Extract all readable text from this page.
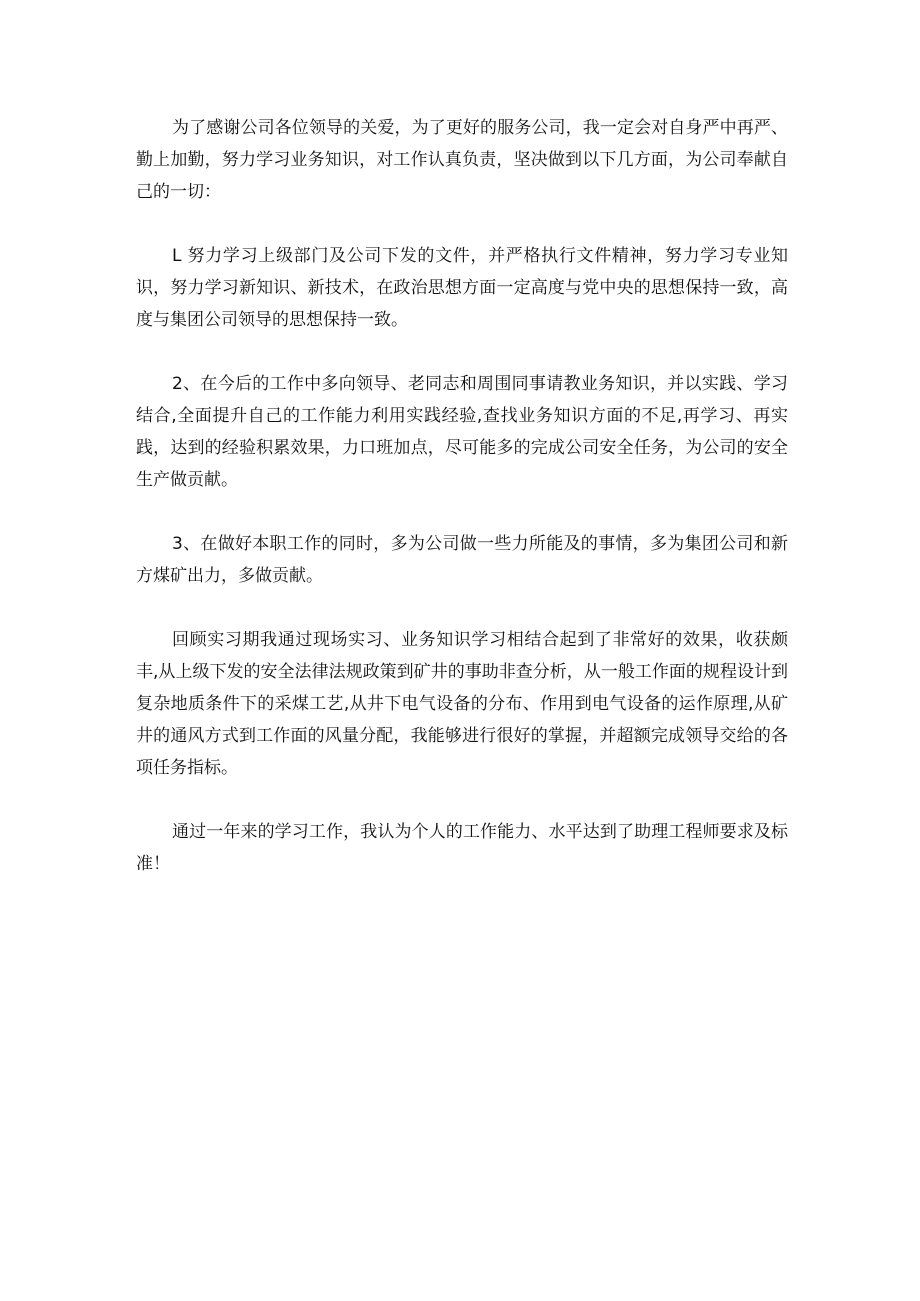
为了感谢公司各位领导的关爱，为了更好的服务公司，我一定会对自身严中再严、勤上加勤，努力学习业务知识，对工作认真负责，坚决做到以下几方面，为公司奉献自己的一切：

L 努力学习上级部门及公司下发的文件，并严格执行文件精神，努力学习专业知识，努力学习新知识、新技术，在政治思想方面一定高度与党中央的思想保持一致，高度与集团公司领导的思想保持一致。

2、在今后的工作中多向领导、老同志和周围同事请教业务知识，并以实践、学习结合,全面提升自己的工作能力利用实践经验,查找业务知识方面的不足,再学习、再实践，达到的经验积累效果，力口班加点，尽可能多的完成公司安全任务，为公司的安全生产做贡献。

3、在做好本职工作的同时，多为公司做一些力所能及的事情，多为集团公司和新方煤矿出力，多做贡献。

回顾实习期我通过现场实习、业务知识学习相结合起到了非常好的效果，收获颇丰,从上级下发的安全法律法规政策到矿井的事助非查分析，从一般工作面的规程设计到复杂地质条件下的采煤工艺,从井下电气设备的分布、作用到电气设备的运作原理,从矿井的通风方式到工作面的风量分配，我能够进行很好的掌握，并超额完成领导交给的各项任务指标。

通过一年来的学习工作，我认为个人的工作能力、水平达到了助理工程师要求及标准！
